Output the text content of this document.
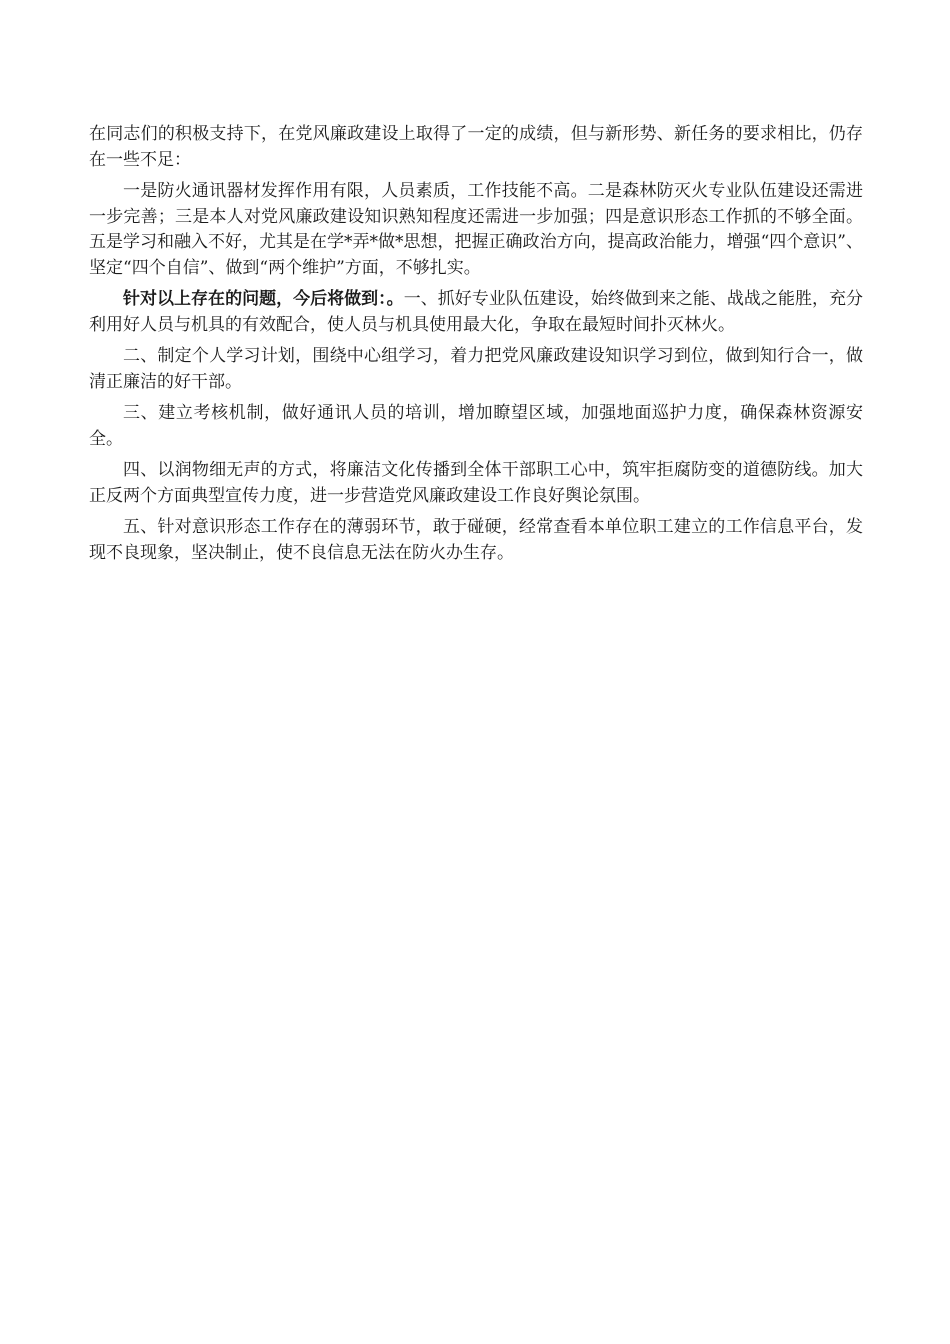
在同志们的积极支持下，在党风廉政建设上取得了一定的成绩，但与新形势、新任务的要求相比，仍存在一些不足：

一是防火通讯器材发挥作用有限，人员素质，工作技能不高。二是森林防灭火专业队伍建设还需进一步完善；三是本人对党风廉政建设知识熟知程度还需进一步加强；四是意识形态工作抓的不够全面。五是学习和融入不好，尤其是在学*弄*做*思想，把握正确政治方向，提高政治能力，增强“四个意识”、坚定“四个自信”、做到“两个维护”方面，不够扎实。

针对以上存在的问题，今后将做到：。一、抓好专业队伍建设，始终做到来之能、战战之能胜，充分利用好人员与机具的有效配合，使人员与机具使用最大化，争取在最短时间扑灭林火。

二、制定个人学习计划，围绕中心组学习，着力把党风廉政建设知识学习到位，做到知行合一，做清正廉洁的好干部。

三、建立考核机制，做好通讯人员的培训，增加瞭望区域，加强地面巡护力度，确保森林资源安全。

四、以润物细无声的方式，将廉洁文化传播到全体干部职工心中，筑牢拒腐防变的道德防线。加大正反两个方面典型宣传力度，进一步营造党风廉政建设工作良好舆论氛围。

五、针对意识形态工作存在的薄弱环节，敢于碰硬，经常查看本单位职工建立的工作信息平台，发现不良现象，坚决制止，使不良信息无法在防火办生存。
